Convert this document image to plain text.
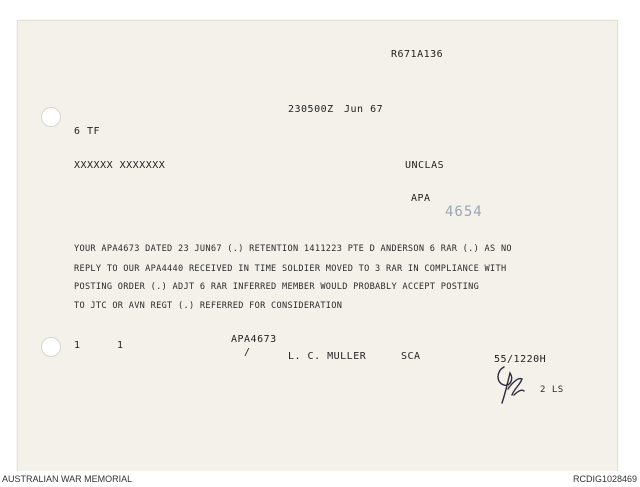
R671A136
230500Z Jun 67
6 TF
XXXXXX XXXXXXX	UNCLAS
APA
4654
YOUR APA4673 DATED 23 JUN67 (.) RETENTION 1411223 PTE D ANDERSON 6 RAR (.) AS NO
REPLY TO OUR APA4440 RECEIVED IN TIME SOLDIER MOVED TO 3 RAR IN COMPLIANCE WITH
POSTING ORDER (.) ADJT 6 RAR INFERRED MEMBER WOULD PROBABLY ACCEPT POSTING
TO JTC OR AVN REGT (.) REFERRED FOR CONSIDERATION
1	1
APA4673
/	L. C. MULLER	SCA	55/1220H
2 LS
AUSTRALIAN WAR MEMORIAL	RCDIG1028469
